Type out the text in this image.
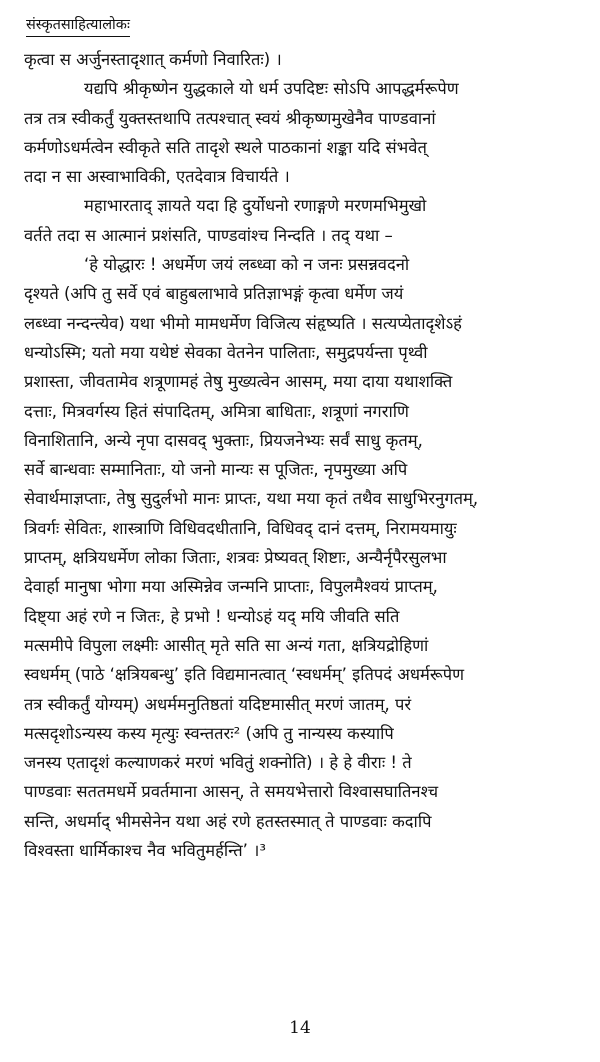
संस्कृतसाहित्यालोकः
कृत्वा स अर्जुनस्तादृशात् कर्मणो निवारितः) ।
यद्यपि श्रीकृष्णेन युद्धकाले यो धर्म उपदिष्टः सोऽपि आपद्धर्मरूपेण
तत्र तत्र स्वीकर्तुं युक्तस्तथापि तत्पश्चात् स्वयं श्रीकृष्णमुखेनैव पाण्डवानां
कर्मणोऽधर्मत्वेन स्वीकृते सति तादृशे स्थले पाठकानां शङ्का यदि संभवेत्
तदा न सा अस्वाभाविकी, एतदेवात्र विचार्यते ।
महाभारताद् ज्ञायते यदा हि दुर्योधनो रणाङ्गणे मरणमभिमुखो
वर्तते तदा स आत्मानं प्रशंसति, पाण्डवांश्च निन्दति । तद् यथा –
‘हे योद्धारः ! अधर्मेण जयं लब्ध्वा को न जनः प्रसन्नवदनो
दृश्यते (अपि तु सर्वे एवं बाहुबलाभावे प्रतिज्ञाभङ्गं कृत्वा धर्मेण जयं
लब्ध्वा नन्दन्त्येव) यथा भीमो मामधर्मेण विजित्य संहृष्यति । सत्यप्येतादृशेऽहं
धन्योऽस्मि; यतो मया यथेष्टं सेवका वेतनेन पालिताः, समुद्रपर्यन्ता पृथ्वी
प्रशास्ता, जीवतामेव शत्रूणामहं तेषु मुख्यत्वेन आसम्, मया दाया यथाशक्ति
दत्ताः, मित्रवर्गस्य हितं संपादितम्, अमित्रा बाधिताः, शत्रूणां नगराणि
विनाशितानि, अन्ये नृपा दासवद् भुक्ताः, प्रियजनेभ्यः सर्वं साधु कृतम्,
सर्वे बान्धवाः सम्मानिताः, यो जनो मान्यः स पूजितः, नृपमुख्या अपि
सेवार्थमाज्ञप्ताः, तेषु सुदुर्लभो मानः प्राप्तः, यथा मया कृतं तथैव साधुभिरनुगतम्,
त्रिवर्गः सेवितः, शास्त्राणि विधिवदधीतानि, विधिवद् दानं दत्तम्, निरामयमायुः
प्राप्तम्, क्षत्रियधर्मेण लोका जिताः, शत्रवः प्रेष्यवत् शिष्टाः, अन्यैर्नृपैरसुलभा
देवार्हा मानुषा भोगा मया अस्मिन्नेव जन्मनि प्राप्ताः, विपुलमैश्वयं प्राप्तम्,
दिष्ट्या अहं रणे न जितः, हे प्रभो ! धन्योऽहं यद् मयि जीवति सति
मत्समीपे विपुला लक्ष्मीः आसीत् मृते सति सा अन्यं गता, क्षत्रियद्रोहिणां
स्वधर्मम् (पाठे ‘क्षत्रियबन्धु’ इति विद्यमानत्वात् ‘स्वधर्मम्’ इतिपदं अधर्मरूपेण
तत्र स्वीकर्तुं योग्यम्) अधर्ममनुतिष्ठतां यदिष्टमासीत् मरणं जातम्, परं
मत्सदृशोऽन्यस्य कस्य मृत्युः स्वन्ततरः² (अपि तु नान्यस्य कस्यापि
जनस्य एतादृशं कल्याणकरं मरणं भवितुं शक्नोति) । हे हे वीराः ! ते
पाण्डवाः सततमधर्मे प्रवर्तमाना आसन्, ते समयभेत्तारो विश्वासघातिनश्च
सन्ति, अधर्माद् भीमसेनेन यथा अहं रणे हतस्तस्मात् ते पाण्डवाः कदापि
विश्वस्ता धार्मिकाश्च नैव भवितुमर्हन्ति’ ।³
14
